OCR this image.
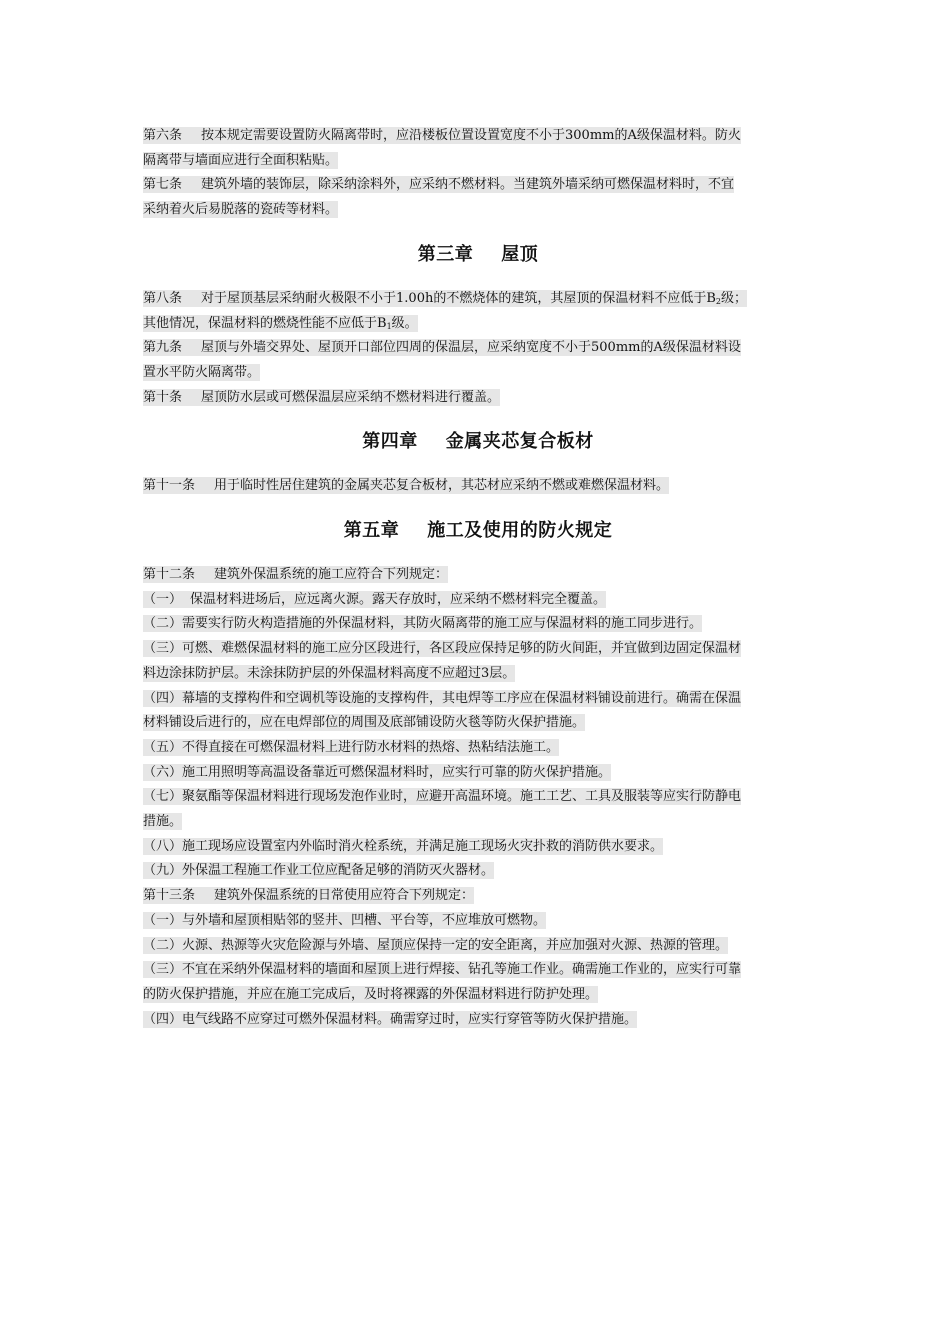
第六条 按本规定需要设置防火隔离带时，应沿楼板位置设置宽度不小于300mm的A级保温材料。防火
隔离带与墙面应进行全面积粘贴。
第七条 建筑外墙的装饰层，除采纳涂料外，应采纳不燃材料。当建筑外墙采纳可燃保温材料时，不宜
采纳着火后易脱落的瓷砖等材料。
第三章 屋顶
第八条 对于屋顶基层采纳耐火极限不小于1.00h的不燃烧体的建筑，其屋顶的保温材料不应低于$B_2$级；
其他情况，保温材料的燃烧性能不应低于$B_1$级。
第九条 屋顶与外墙交界处、屋顶开口部位四周的保温层，应采纳宽度不小于500mm的A级保温材料设
置水平防火隔离带。
第十条 屋顶防水层或可燃保温层应采纳不燃材料进行覆盖。
第四章 金属夹芯复合板材
第十一条 用于临时性居住建筑的金属夹芯复合板材，其芯材应采纳不燃或难燃保温材料。
第五章 施工及使用的防火规定
第十二条 建筑外保温系统的施工应符合下列规定：
（一） 保温材料进场后，应远离火源。露天存放时，应采纳不燃材料完全覆盖。
（二）需要实行防火构造措施的外保温材料，其防火隔离带的施工应与保温材料的施工同步进行。
（三）可燃、难燃保温材料的施工应分区段进行，各区段应保持足够的防火间距，并宜做到边固定保温材
料边涂抹防护层。未涂抹防护层的外保温材料高度不应超过3层。
（四）幕墙的支撑构件和空调机等设施的支撑构件，其电焊等工序应在保温材料铺设前进行。确需在保温
材料铺设后进行的，应在电焊部位的周围及底部铺设防火毯等防火保护措施。
（五）不得直接在可燃保温材料上进行防水材料的热熔、热粘结法施工。
（六）施工用照明等高温设备靠近可燃保温材料时，应实行可靠的防火保护措施。
（七）聚氨酯等保温材料进行现场发泡作业时，应避开高温环境。施工工艺、工具及服装等应实行防静电
措施。
（八）施工现场应设置室内外临时消火栓系统，并满足施工现场火灾扑救的消防供水要求。
（九）外保温工程施工作业工位应配备足够的消防灭火器材。
第十三条 建筑外保温系统的日常使用应符合下列规定：
（一）与外墙和屋顶相贴邻的竖井、凹槽、平台等，不应堆放可燃物。
（二）火源、热源等火灾危险源与外墙、屋顶应保持一定的安全距离，并应加强对火源、热源的管理。
（三）不宜在采纳外保温材料的墙面和屋顶上进行焊接、钻孔等施工作业。确需施工作业的，应实行可靠
的防火保护措施，并应在施工完成后，及时将裸露的外保温材料进行防护处理。
（四）电气线路不应穿过可燃外保温材料。确需穿过时，应实行穿管等防火保护措施。
